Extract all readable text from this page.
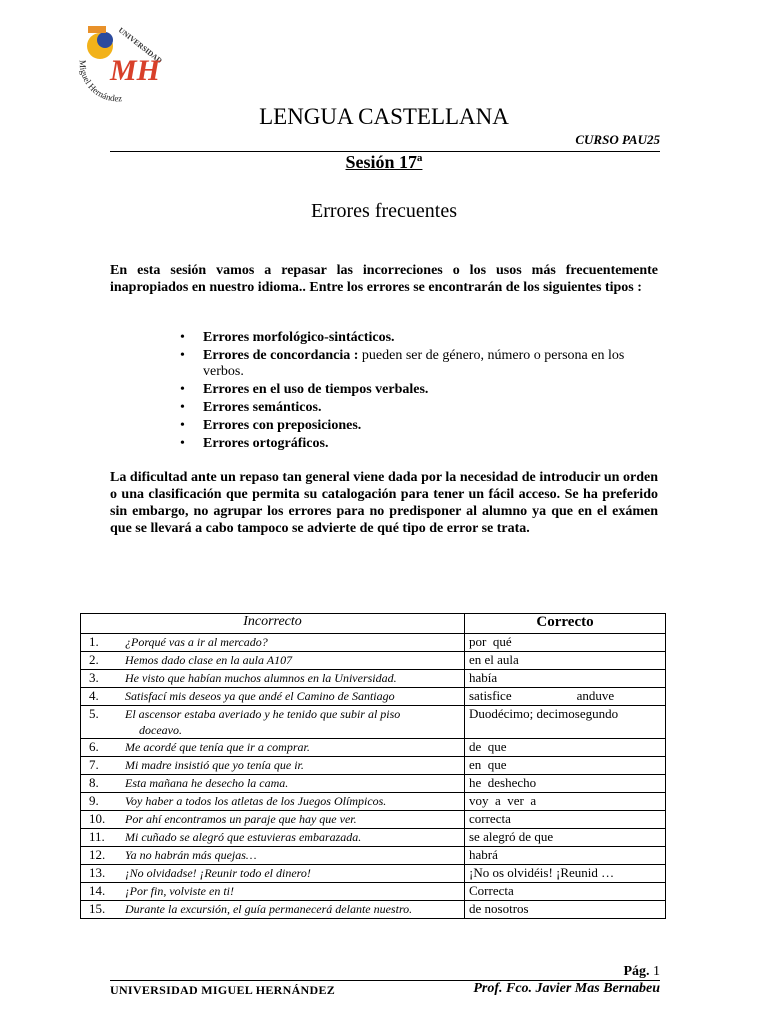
UNIVERSIDAD
MH
Miguel Hernández
LENGUA CASTELLANA
CURSO PAU25
Sesión 17ª
Errores frecuentes
En esta sesión vamos a repasar las incorreciones o los usos más frecuentemente inapropiados en nuestro idioma.. Entre los errores se encontrarán de los siguientes tipos :
• Errores morfológico-sintácticos.
• Errores de concordancia : pueden ser de género, número o persona en los verbos.
• Errores en el uso de tiempos verbales.
• Errores semánticos.
• Errores con preposiciones.
• Errores ortográficos.
La dificultad ante un repaso tan general viene dada por la necesidad de introducir un orden o una clasificación que permita su catalogación para tener un fácil acceso. Se ha preferido sin embargo, no agrupar los errores para no predisponer al alumno ya que en el exámen que se llevará a cabo tampoco se advierte de qué tipo de error se trata.
Incorrecto	Correcto
1. ¿Porqué vas a ir al mercado?	por  qué
2. Hemos dado clase en la aula A107	en el aula
3. He visto que habían muchos alumnos en la Universidad.	había
4. Satisfací mis deseos ya que andé el Camino de Santiago	satisfice                    anduve
5. El ascensor estaba averiado y he tenido que subir al piso
doceavo.	Duodécimo; decimosegundo
6. Me acordé que tenía que ir a comprar.	de  que
7. Mi madre insistió que yo tenía que ir.	en  que
8. Esta mañana he desecho la cama.	he  deshecho
9. Voy haber a todos los atletas de los Juegos Olímpicos.	voy  a  ver  a
10. Por ahí encontramos un paraje que hay que ver.	correcta
11. Mi cuñado se alegró que estuvieras embarazada.	se alegró de que
12. Ya no habrán más quejas…	habrá
13. ¡No olvidadse! ¡Reunir todo el dinero!	¡No os olvidéis! ¡Reunid …
14. ¡Por fin, volviste en ti!	Correcta
15. Durante la excursión, el guía permanecerá delante nuestro.	de nosotros
Pág. 1
UNIVERSIDAD MIGUEL HERNÁNDEZ	Prof. Fco. Javier Mas Bernabeu
